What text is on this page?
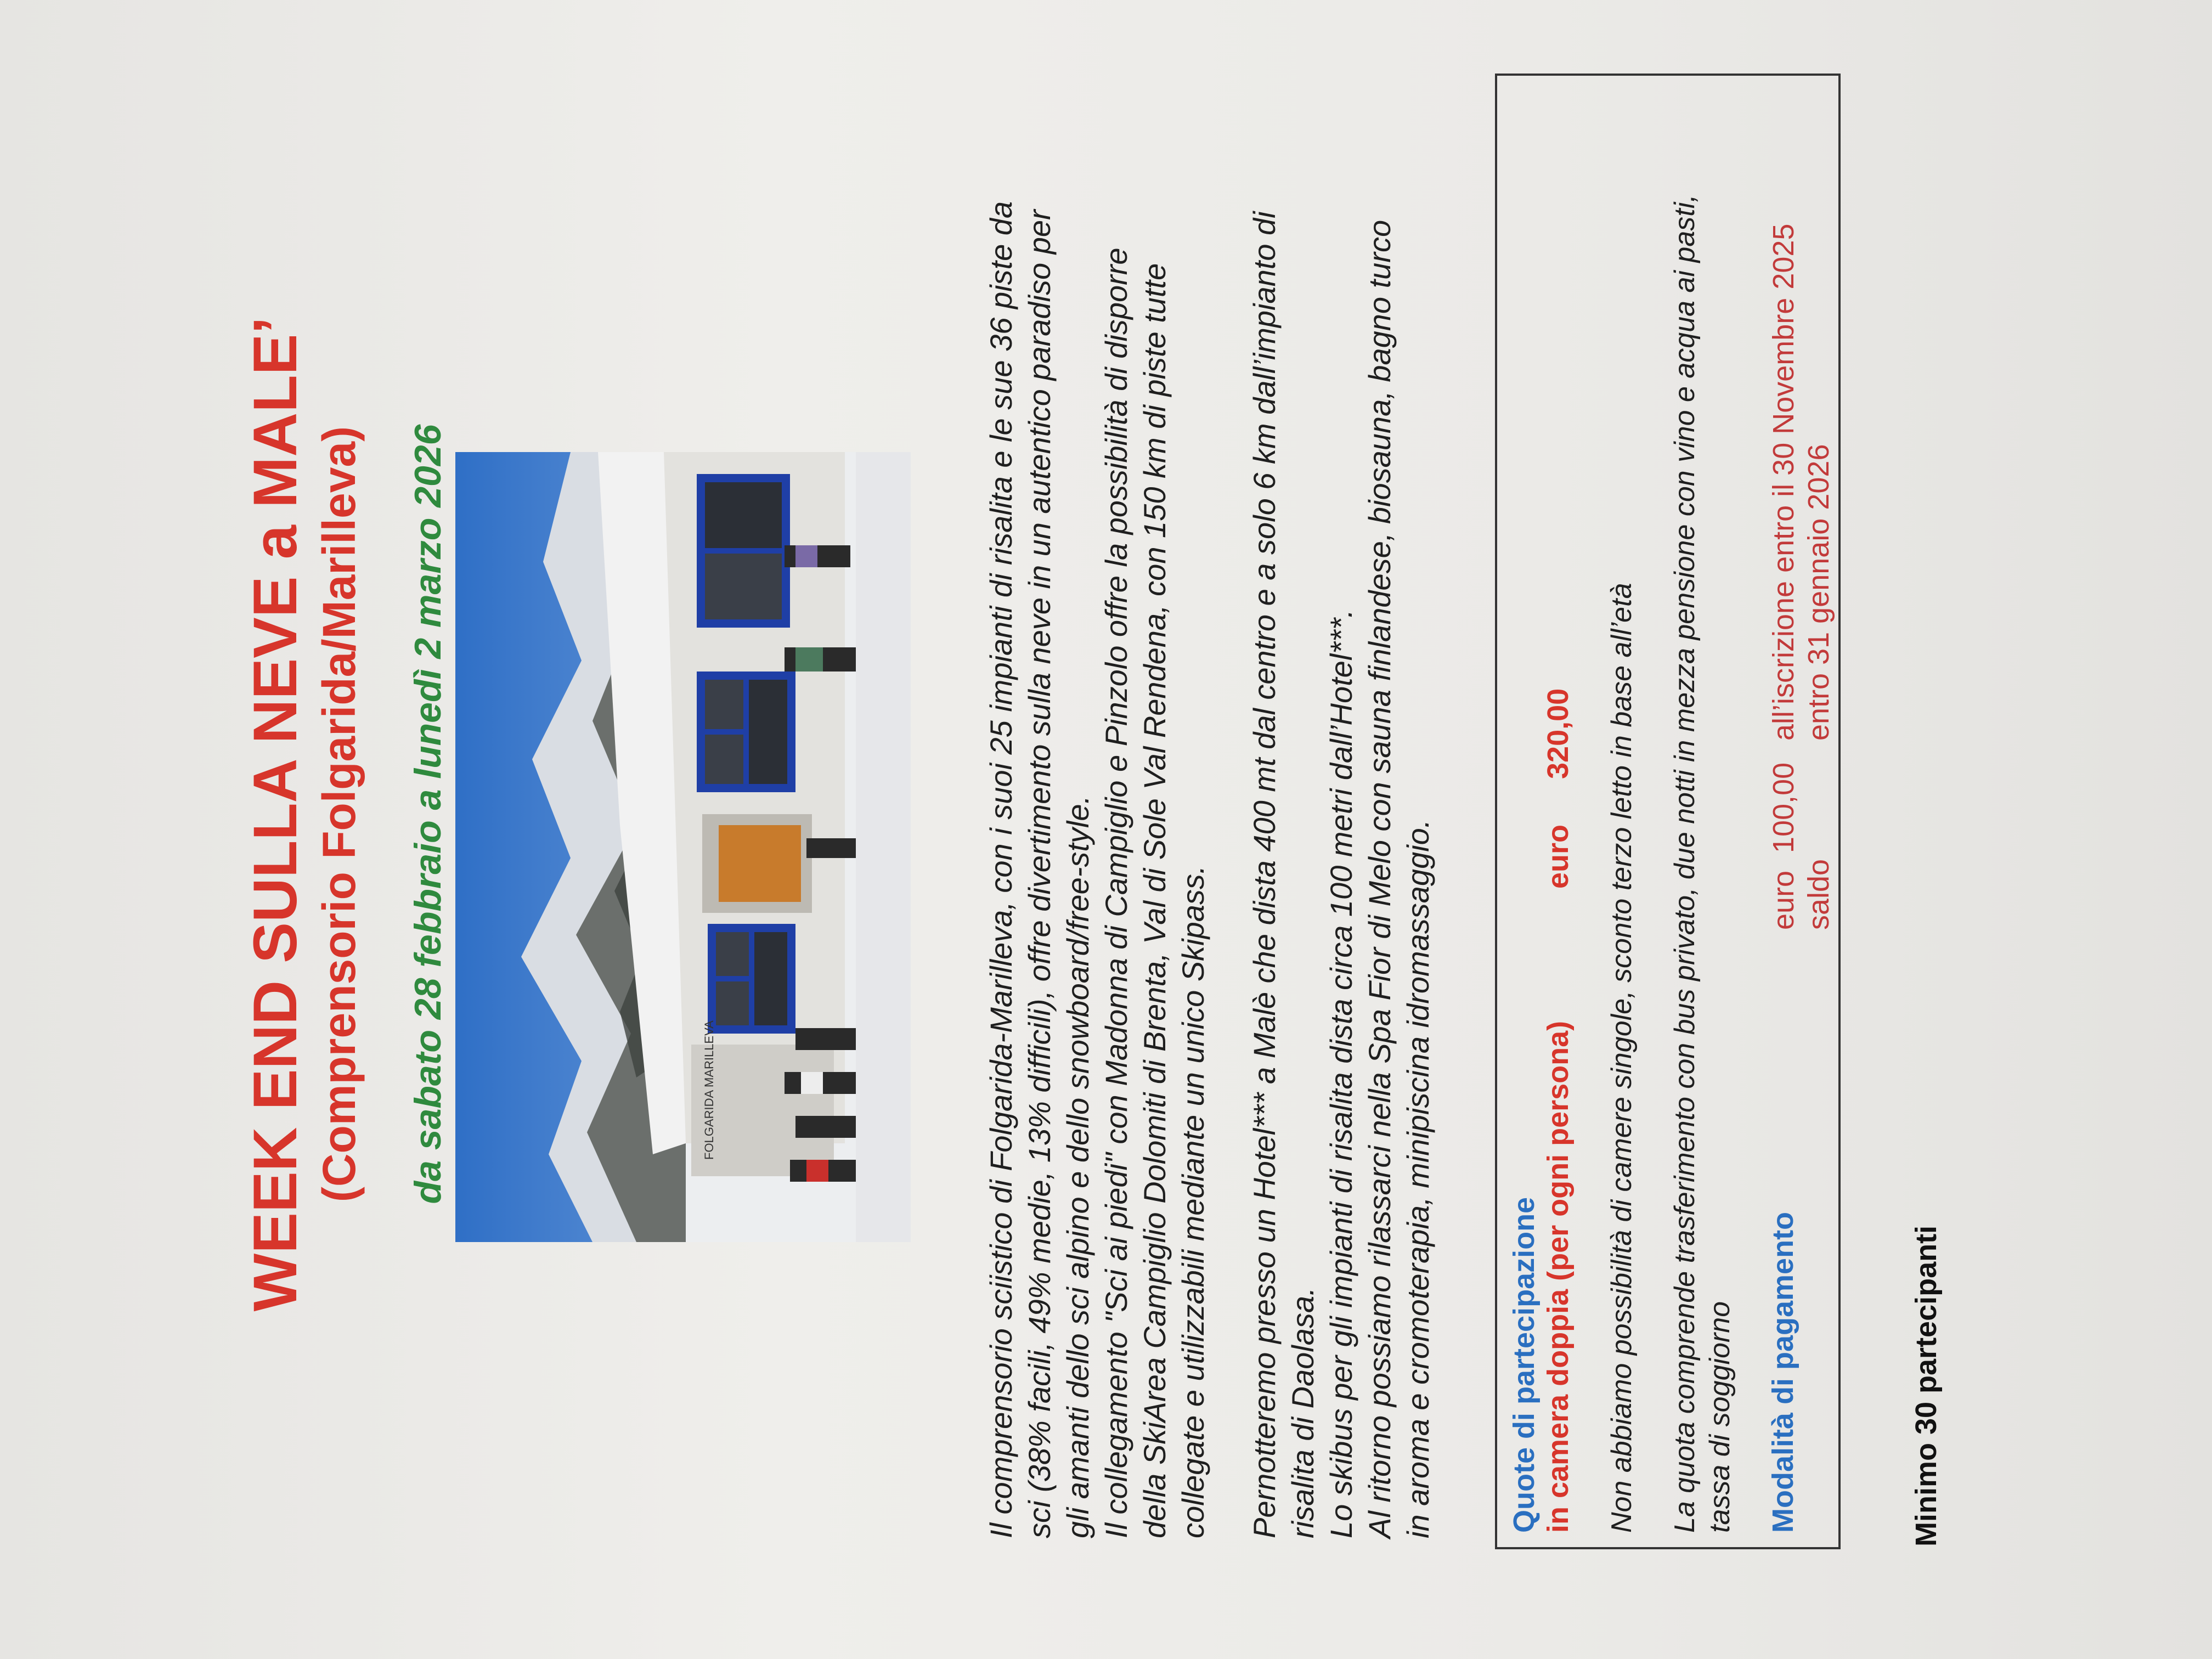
WEEK END SULLA NEVE a MALE’ (Comprensorio Folgarida/Marilleva) da sabato 28 febbraio a lunedì 2 marzo 2026	FOLGARIDA MARILLEVA	Il comprensorio sciistico di Folgarida-Marilleva, con i suoi 25 impianti di risalita e le sue 36 piste da sci (38% facili, 49% medie, 13% difficili), offre divertimento sulla neve in un autentico paradiso per gli amanti dello sci alpino e dello snowboard/free-style. Il collegamento "Sci ai piedi" con Madonna di Campiglio e Pinzolo offre la possibilità di disporre della SkiArea Campiglio Dolomiti di Brenta, Val di Sole Val Rendena, con 150 km di piste tutte collegate e utilizzabili mediante un unico Skipass. Pernotteremo presso un Hotel*** a Malè che dista 400 mt dal centro e a solo 6 km dall’impianto di risalita di Daolasa. Lo skibus per gli impianti di risalita dista circa 100 metri dall’Hotel***. Al ritorno possiamo rilassarci nella Spa Fior di Melo con sauna finlandese, biosauna, bagno turco in aroma e cromoterapia, minipiscina idromassaggio. Quote di partecipazione in camera doppia (per ogni persona)
euro
320,00 Non abbiamo possibilità di camere singole, sconto terzo letto in base all’età La quota comprende trasferimento con bus privato, due notti in mezza pensione con vino e acqua ai pasti, tassa di soggiorno Modalità di pagamento
euro
100,00
all’iscrizione entro il 30 Novembre 2025
saldo
entro 31 gennaio 2026
Minimo 30 partecipanti
